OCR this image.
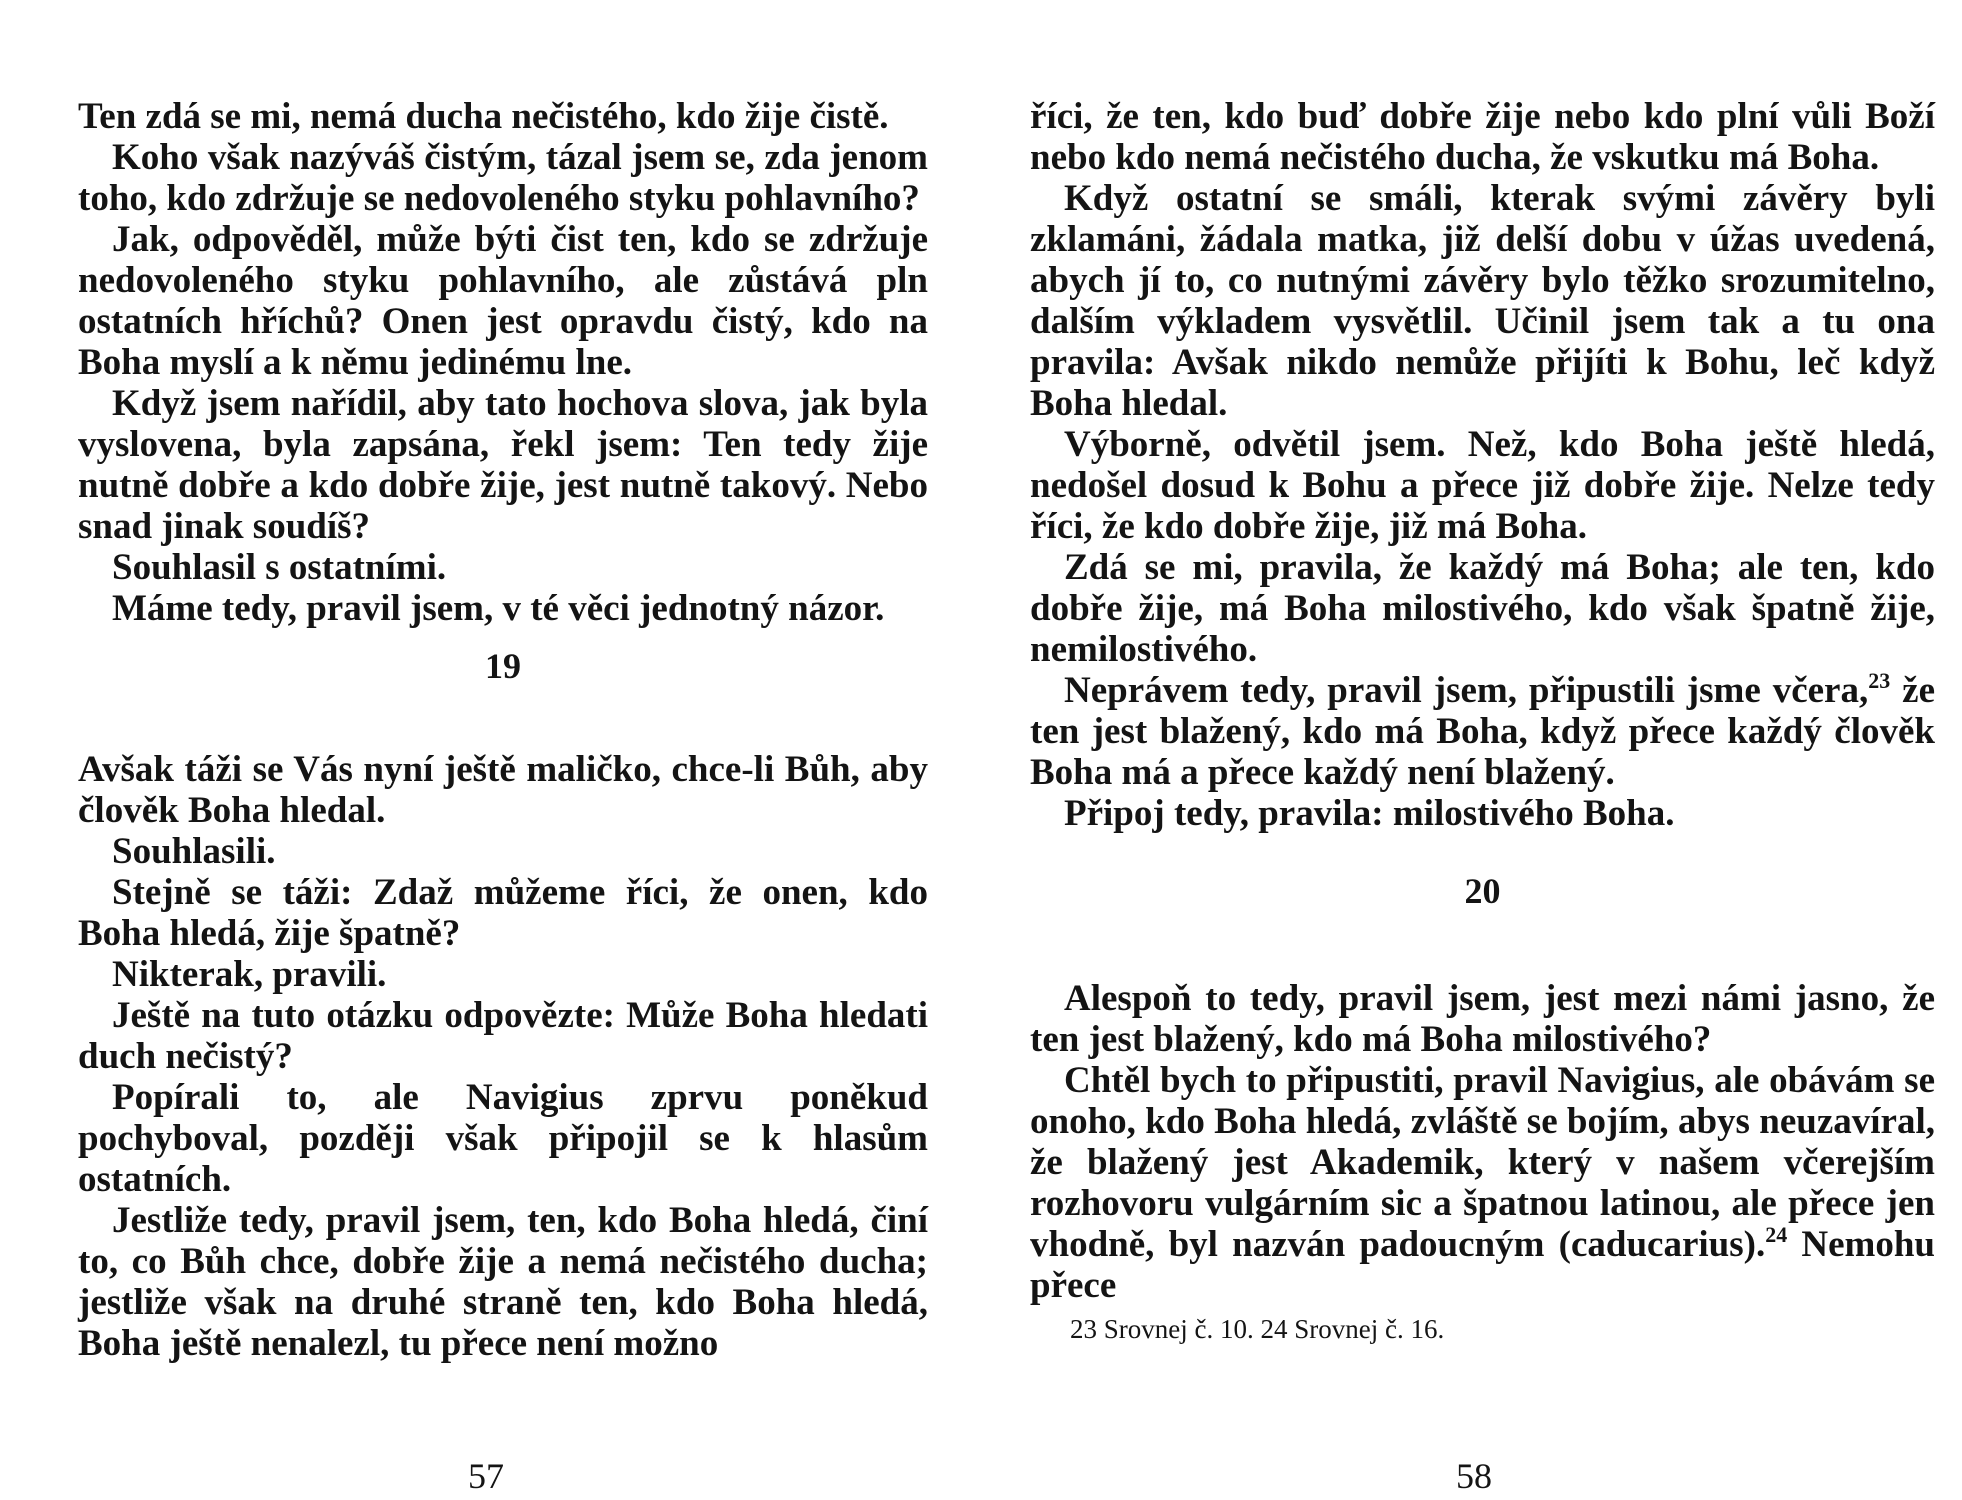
Ten zdá se mi, nemá ducha nečistého, kdo žije čistě.

Koho však nazýváš čistým, tázal jsem se, zda jenom toho, kdo zdržuje se nedovoleného styku pohlavního?

Jak, odpověděl, může býti čist ten, kdo se zdržuje nedovoleného styku pohlavního, ale zůstává pln ostatních hříchů? Onen jest opravdu čistý, kdo na Boha myslí a k němu jedinému lne.

Když jsem nařídil, aby tato hochova slova, jak byla vyslovena, byla zapsána, řekl jsem: Ten tedy žije nutně dobře a kdo dobře žije, jest nutně takový. Nebo snad jinak soudíš?

Souhlasil s ostatními.

Máme tedy, pravil jsem, v té věci jednotný názor.

19

Avšak táži se Vás nyní ještě maličko, chce-li Bůh, aby člověk Boha hledal.

Souhlasili.

Stejně se táži: Zdaž můžeme říci, že onen, kdo Boha hledá, žije špatně?

Nikterak, pravili.

Ještě na tuto otázku odpovězte: Může Boha hledati duch nečistý?

Popírali to, ale Navigius zprvu poněkud pochyboval, později však připojil se k hlasům ostatních.

Jestliže tedy, pravil jsem, ten, kdo Boha hledá, činí to, co Bůh chce, dobře žije a nemá nečistého ducha; jestliže však na druhé straně ten, kdo Boha hledá, Boha ještě nenalezl, tu přece není možno

říci, že ten, kdo buď dobře žije nebo kdo plní vůli Boží nebo kdo nemá nečistého ducha, že vskutku má Boha.

Když ostatní se smáli, kterak svými závěry byli zklamáni, žádala matka, již delší dobu v úžas uvedená, abych jí to, co nutnými závěry bylo těžko srozumitelno, dalším výkladem vysvětlil. Učinil jsem tak a tu ona pravila: Avšak nikdo nemůže přijíti k Bohu, leč když Boha hledal.

Výborně, odvětil jsem. Než, kdo Boha ještě hledá, nedošel dosud k Bohu a přece již dobře žije. Nelze tedy říci, že kdo dobře žije, již má Boha.

Zdá se mi, pravila, že každý má Boha; ale ten, kdo dobře žije, má Boha milostivého, kdo však špatně žije, nemilostivého.

Neprávem tedy, pravil jsem, připustili jsme včera,$^{23}$ že ten jest blažený, kdo má Boha, když přece každý člověk Boha má a přece každý není blažený.

Připoj tedy, pravila: milostivého Boha.

20

Alespoň to tedy, pravil jsem, jest mezi námi jasno, že ten jest blažený, kdo má Boha milostivého?

Chtěl bych to připustiti, pravil Navigius, ale obávám se onoho, kdo Boha hledá, zvláště se bojím, abys neuzavíral, že blažený jest Akademik, který v našem včerejším rozhovoru vulgárním sic a špatnou latinou, ale přece jen vhodně, byl nazván padoucným (caducarius).$^{24}$ Nemohu přece

23 Srovnej č. 10. 24 Srovnej č. 16.

57	58
